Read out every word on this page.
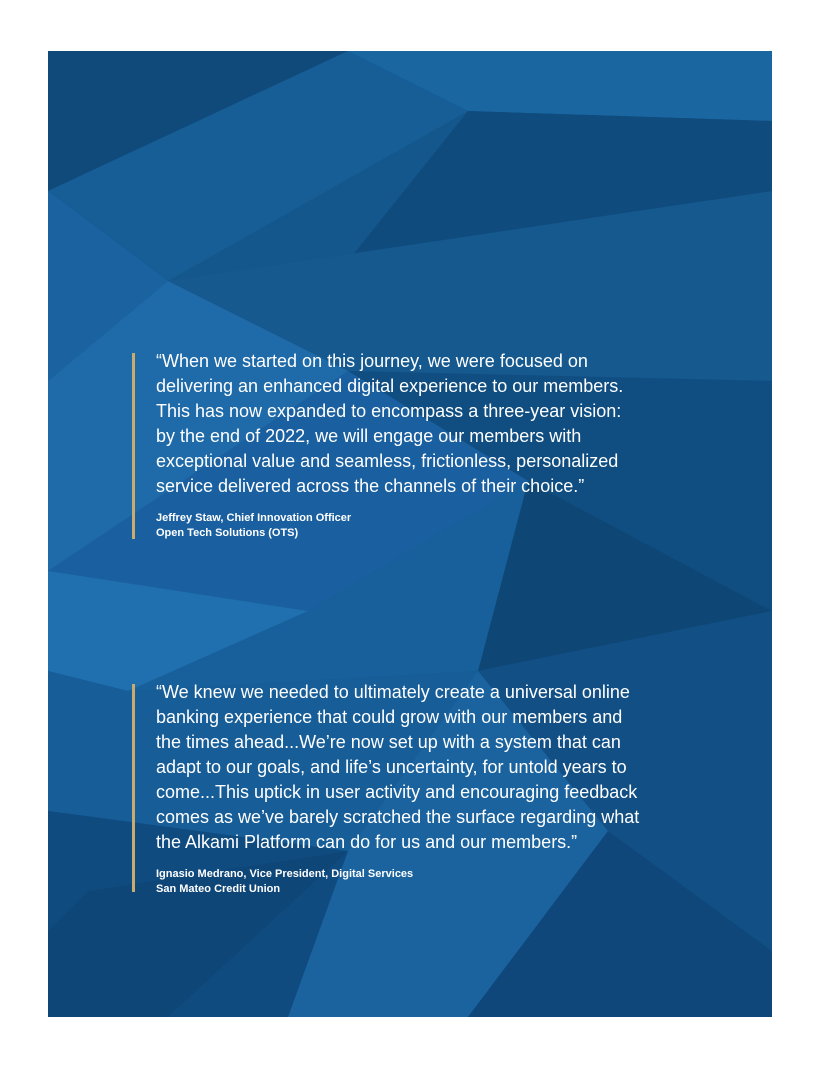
“When we started on this journey, we were focused on
delivering an enhanced digital experience to our members.
This has now expanded to encompass a three-year vision:
by the end of 2022, we will engage our members with
exceptional value and seamless, frictionless, personalized
service delivered across the channels of their choice.”

Jeffrey Staw, Chief Innovation Officer
Open Tech Solutions (OTS)

“We knew we needed to ultimately create a universal online
banking experience that could grow with our members and
the times ahead...We’re now set up with a system that can
adapt to our goals, and life’s uncertainty, for untold years to
come...This uptick in user activity and encouraging feedback
comes as we’ve barely scratched the surface regarding what
the Alkami Platform can do for us and our members.”

Ignasio Medrano, Vice President, Digital Services
San Mateo Credit Union
